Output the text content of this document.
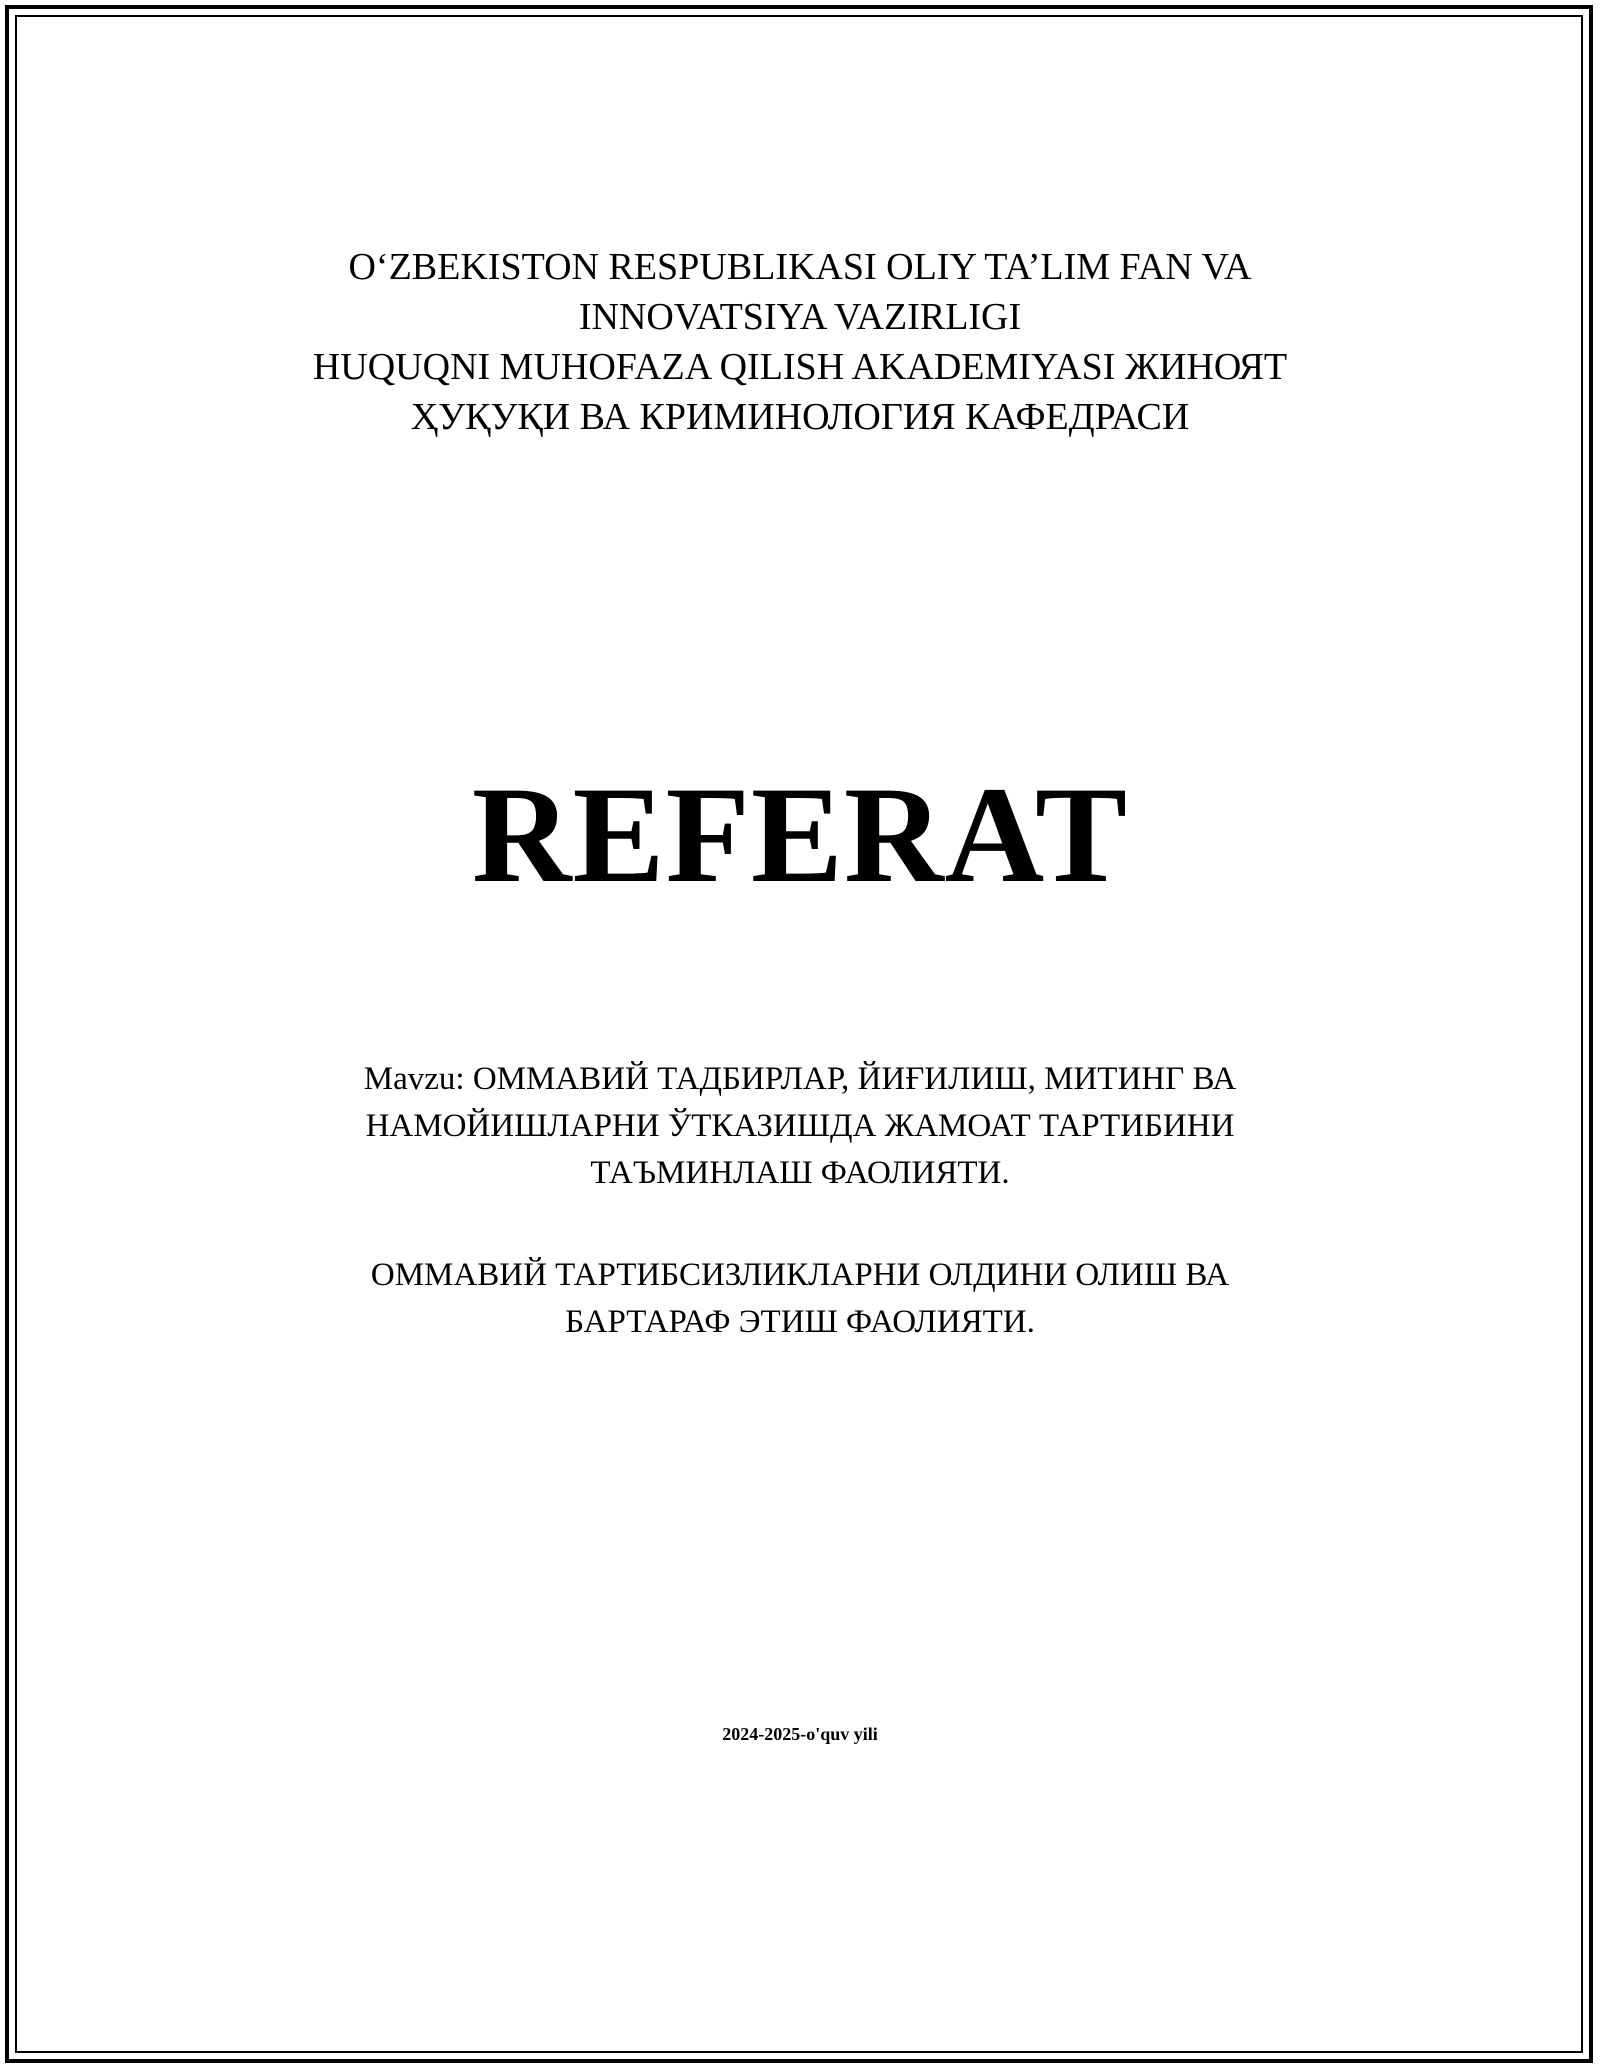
O‘ZBEKISTON RESPUBLIKASI OLIY TA’LIM FAN VA
INNOVATSIYA VAZIRLIGI
HUQUQNI MUHOFAZA QILISH AKADEMIYASI ЖИНОЯТ
ҲУҚУҚИ ВА КРИМИНОЛОГИЯ КАФЕДРАСИ
REFERAT
Mavzu: ОММАВИЙ ТАДБИРЛАР, ЙИҒИЛИШ, МИТИНГ ВА
НАМОЙИШЛАРНИ ЎТКАЗИШДА ЖАМОАТ ТАРТИБИНИ
ТАЪМИНЛАШ ФАОЛИЯТИ.
ОММАВИЙ ТАРТИБСИЗЛИКЛАРНИ ОЛДИНИ ОЛИШ ВА
БАРТАРАФ ЭТИШ ФАОЛИЯТИ.
2024-2025-o'quv yili
